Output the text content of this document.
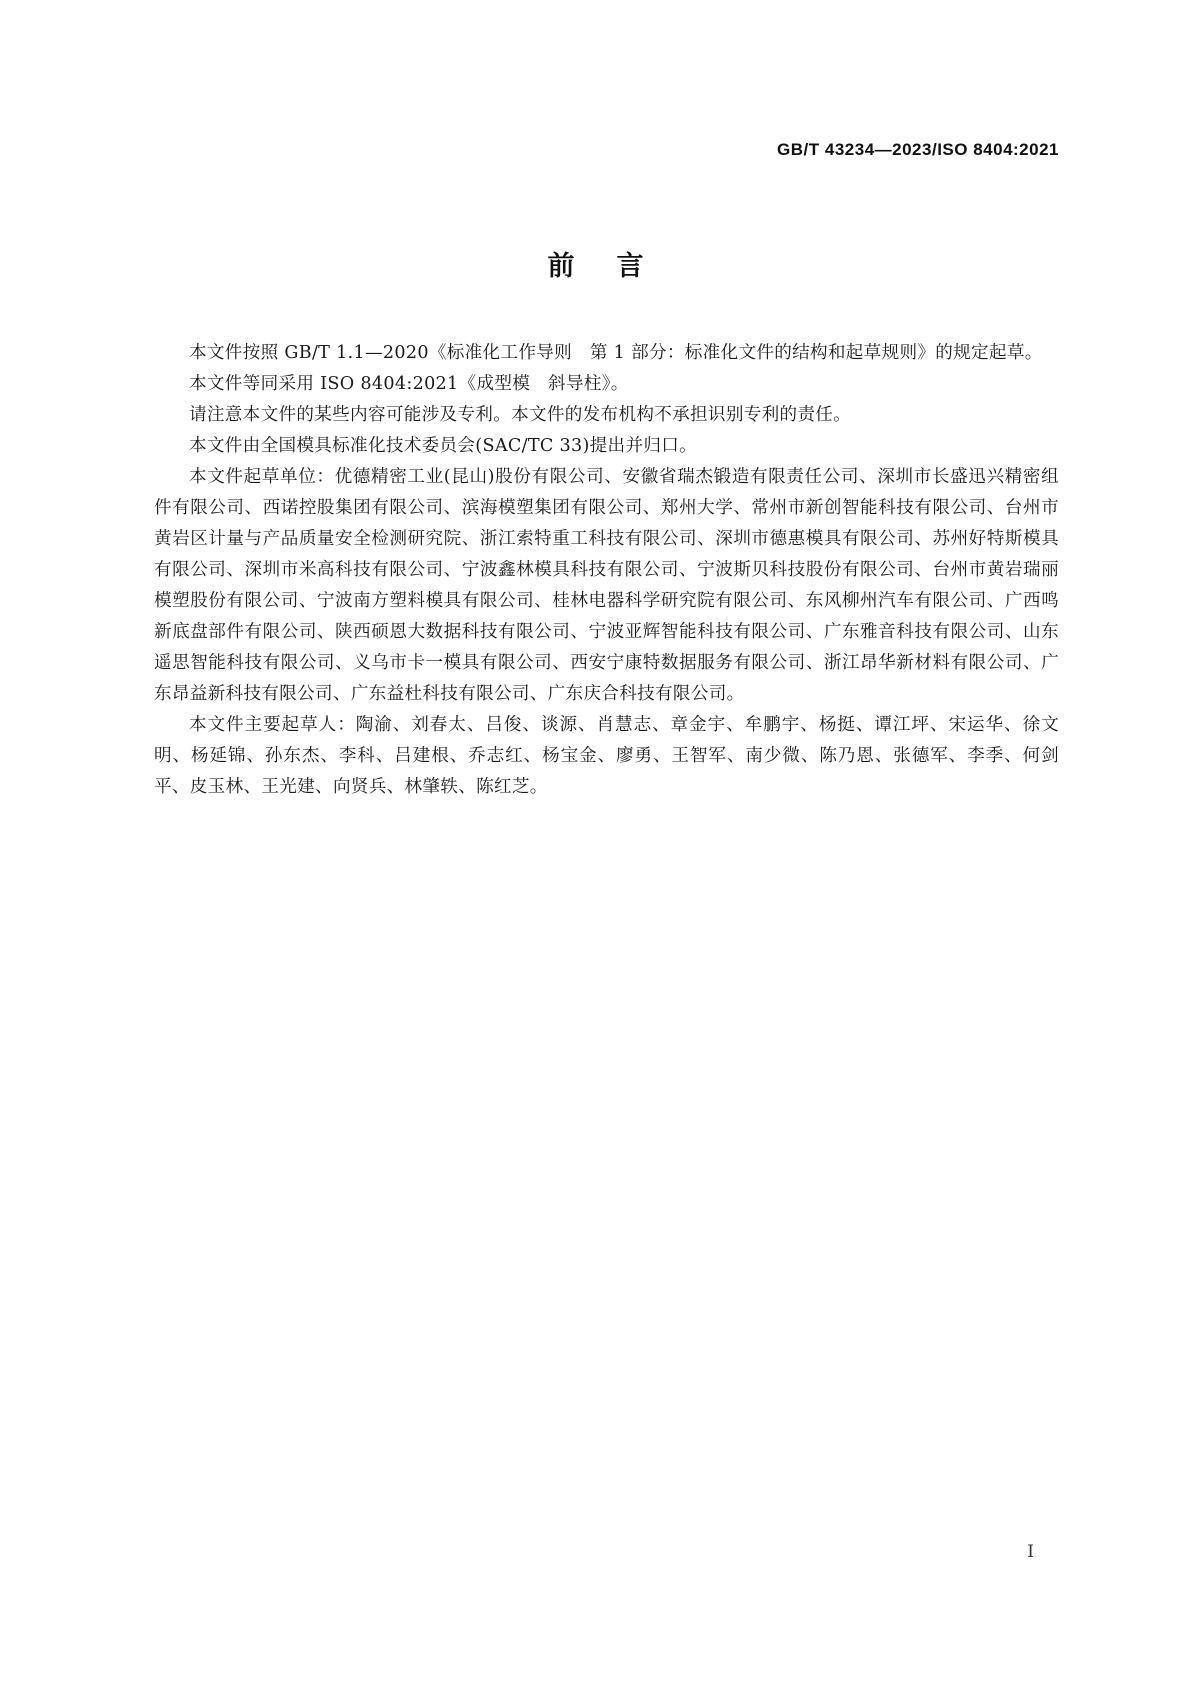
GB/T 43234—2023/ISO 8404:2021
前言

本文件按照 GB/T 1.1—2020《标准化工作导则　第 1 部分：标准化文件的结构和起草规则》的规定起草。

本文件等同采用 ISO 8404:2021《成型模　斜导柱》。

请注意本文件的某些内容可能涉及专利。本文件的发布机构不承担识别专利的责任。

本文件由全国模具标准化技术委员会(SAC/TC 33)提出并归口。

本文件起草单位：优德精密工业(昆山)股份有限公司、安徽省瑞杰锻造有限责任公司、深圳市长盛迅兴精密组件有限公司、西诺控股集团有限公司、滨海模塑集团有限公司、郑州大学、常州市新创智能科技有限公司、台州市黄岩区计量与产品质量安全检测研究院、浙江索特重工科技有限公司、深圳市德惠模具有限公司、苏州好特斯模具有限公司、深圳市米高科技有限公司、宁波鑫林模具科技有限公司、宁波斯贝科技股份有限公司、台州市黄岩瑞丽模塑股份有限公司、宁波南方塑料模具有限公司、桂林电器科学研究院有限公司、东风柳州汽车有限公司、广西鸣新底盘部件有限公司、陕西硕恩大数据科技有限公司、宁波亚辉智能科技有限公司、广东雅音科技有限公司、山东遥思智能科技有限公司、义乌市卡一模具有限公司、西安宁康特数据服务有限公司、浙江昂华新材料有限公司、广东昂益新科技有限公司、广东益杜科技有限公司、广东庆合科技有限公司。

本文件主要起草人：陶渝、刘春太、吕俊、谈源、肖慧志、章金宇、牟鹏宇、杨挺、谭江坪、宋运华、徐文明、杨延锦、孙东杰、李科、吕建根、乔志红、杨宝金、廖勇、王智军、南少微、陈乃恩、张德军、李季、何剑平、皮玉林、王光建、向贤兵、林肇轶、陈红芝。

I
